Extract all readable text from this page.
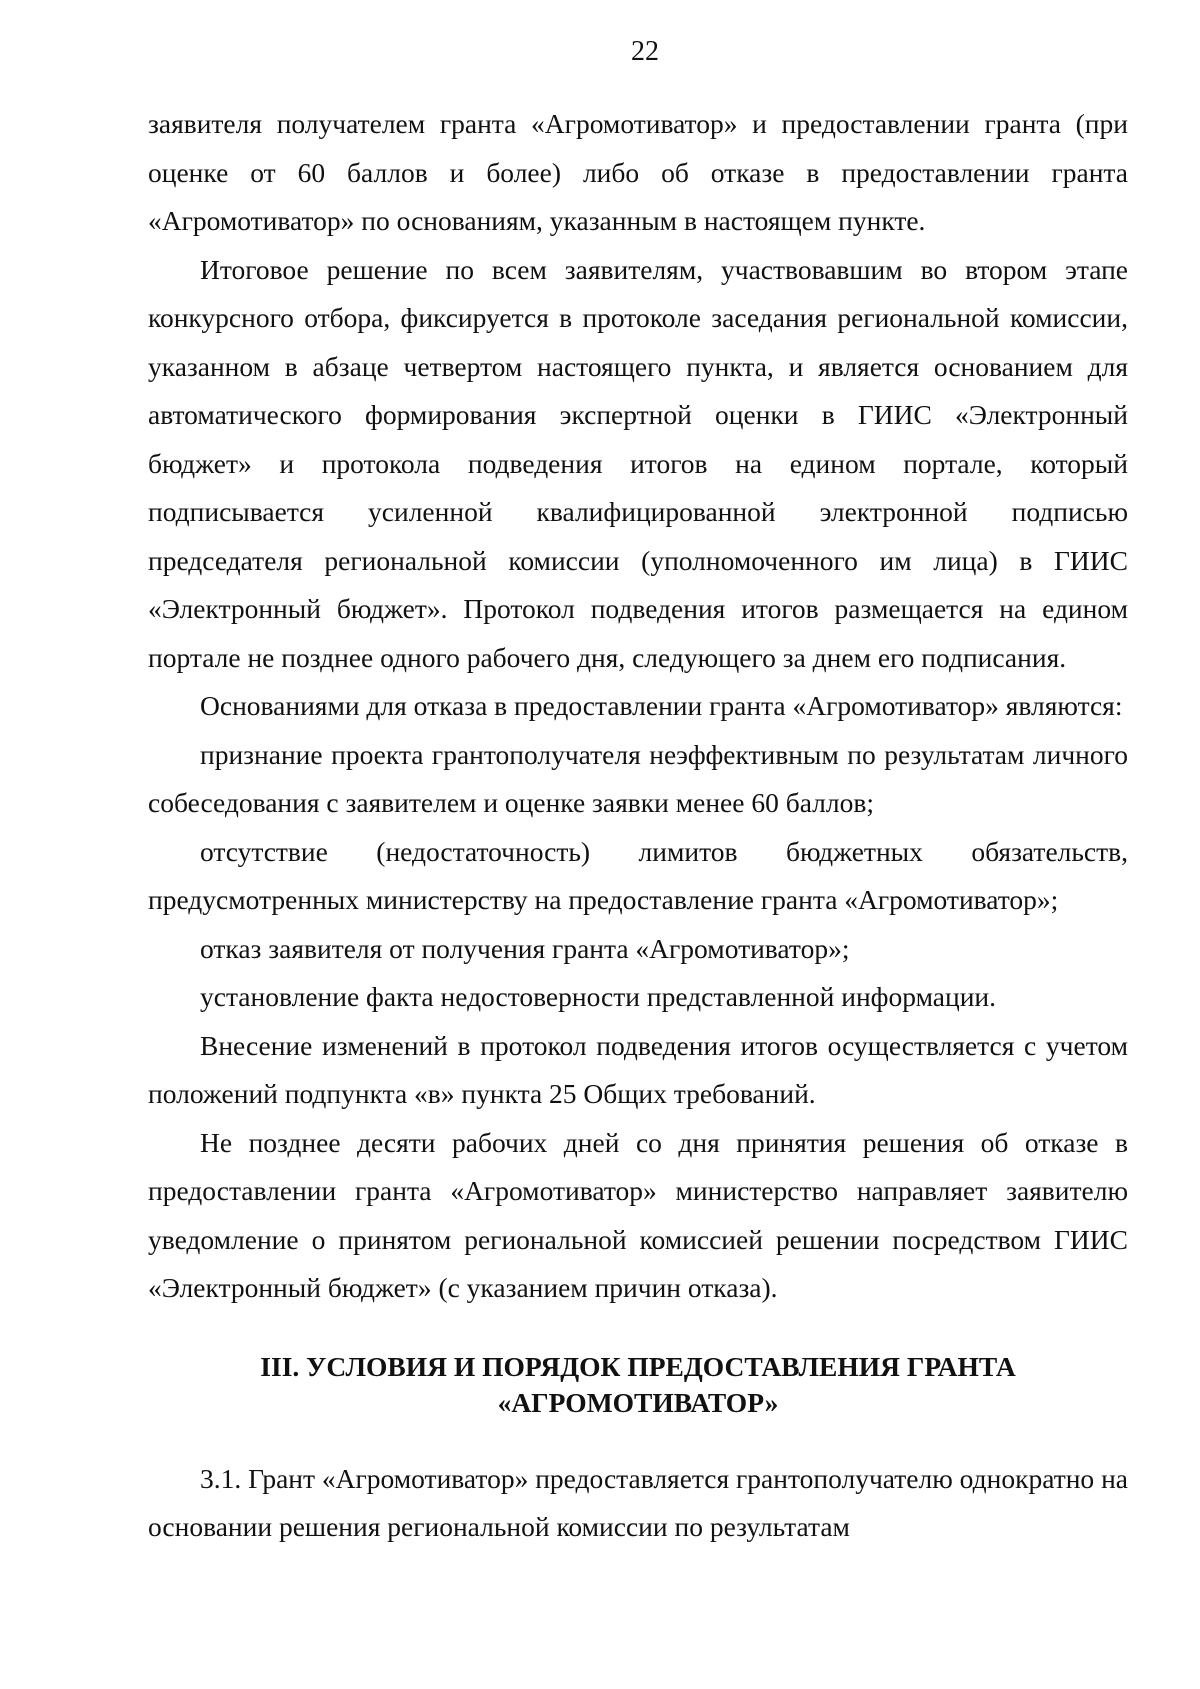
22

заявителя получателем гранта «Агромотиватор» и предоставлении гранта (при оценке от 60 баллов и более) либо об отказе в предоставлении гранта «Агромотиватор» по основаниям, указанным в настоящем пункте.

Итоговое решение по всем заявителям, участвовавшим во втором этапе конкурсного отбора, фиксируется в протоколе заседания региональной комиссии, указанном в абзаце четвертом настоящего пункта, и является основанием для автоматического формирования экспертной оценки в ГИИС «Электронный бюджет» и протокола подведения итогов на едином портале, который подписывается усиленной квалифицированной электронной подписью председателя региональной комиссии (уполномоченного им лица) в ГИИС «Электронный бюджет». Протокол подведения итогов размещается на едином портале не позднее одного рабочего дня, следующего за днем его подписания.

Основаниями для отказа в предоставлении гранта «Агромотиватор» являются:

признание проекта грантополучателя неэффективным по результатам личного собеседования с заявителем и оценке заявки менее 60 баллов;

отсутствие (недостаточность) лимитов бюджетных обязательств, предусмотренных министерству на предоставление гранта «Агромотиватор»;

отказ заявителя от получения гранта «Агромотиватор»;

установление факта недостоверности представленной информации.

Внесение изменений в протокол подведения итогов осуществляется с учетом положений подпункта «в» пункта 25 Общих требований.

Не позднее десяти рабочих дней со дня принятия решения об отказе в предоставлении гранта «Агромотиватор» министерство направляет заявителю уведомление о принятом региональной комиссией решении посредством ГИИС «Электронный бюджет» (с указанием причин отказа).

III. УСЛОВИЯ И ПОРЯДОК ПРЕДОСТАВЛЕНИЯ ГРАНТА
«АГРОМОТИВАТОР»

3.1. Грант «Агромотиватор» предоставляется грантополучателю однократно на основании решения региональной комиссии по результатам
